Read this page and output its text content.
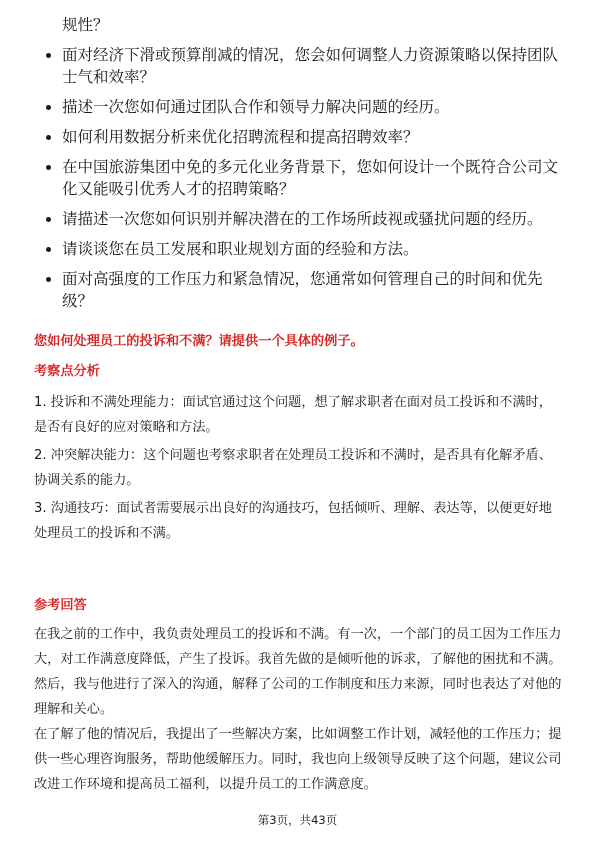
规性？
面对经济下滑或预算削减的情况，您会如何调整人力资源策略以保持团队士气和效率？
描述一次您如何通过团队合作和领导力解决问题的经历。
如何利用数据分析来优化招聘流程和提高招聘效率？
在中国旅游集团中免的多元化业务背景下，您如何设计一个既符合公司文化又能吸引优秀人才的招聘策略？
请描述一次您如何识别并解决潜在的工作场所歧视或骚扰问题的经历。
请谈谈您在员工发展和职业规划方面的经验和方法。
面对高强度的工作压力和紧急情况，您通常如何管理自己的时间和优先级？
您如何处理员工的投诉和不满？请提供一个具体的例子。
考察点分析

1. 投诉和不满处理能力：面试官通过这个问题，想了解求职者在面对员工投诉和不满时，是否有良好的应对策略和方法。

2. 冲突解决能力：这个问题也考察求职者在处理员工投诉和不满时，是否具有化解矛盾、协调关系的能力。

3. 沟通技巧：面试者需要展示出良好的沟通技巧，包括倾听、理解、表达等，以便更好地处理员工的投诉和不满。

参考回答

在我之前的工作中，我负责处理员工的投诉和不满。有一次，一个部门的员工因为工作压力大，对工作满意度降低，产生了投诉。我首先做的是倾听他的诉求，了解他的困扰和不满。然后，我与他进行了深入的沟通，解释了公司的工作制度和压力来源，同时也表达了对他的理解和关心。

在了解了他的情况后，我提出了一些解决方案，比如调整工作计划，减轻他的工作压力；提供一些心理咨询服务，帮助他缓解压力。同时，我也向上级领导反映了这个问题，建议公司改进工作环境和提高员工福利，以提升员工的工作满意度。

第3页，共43页
